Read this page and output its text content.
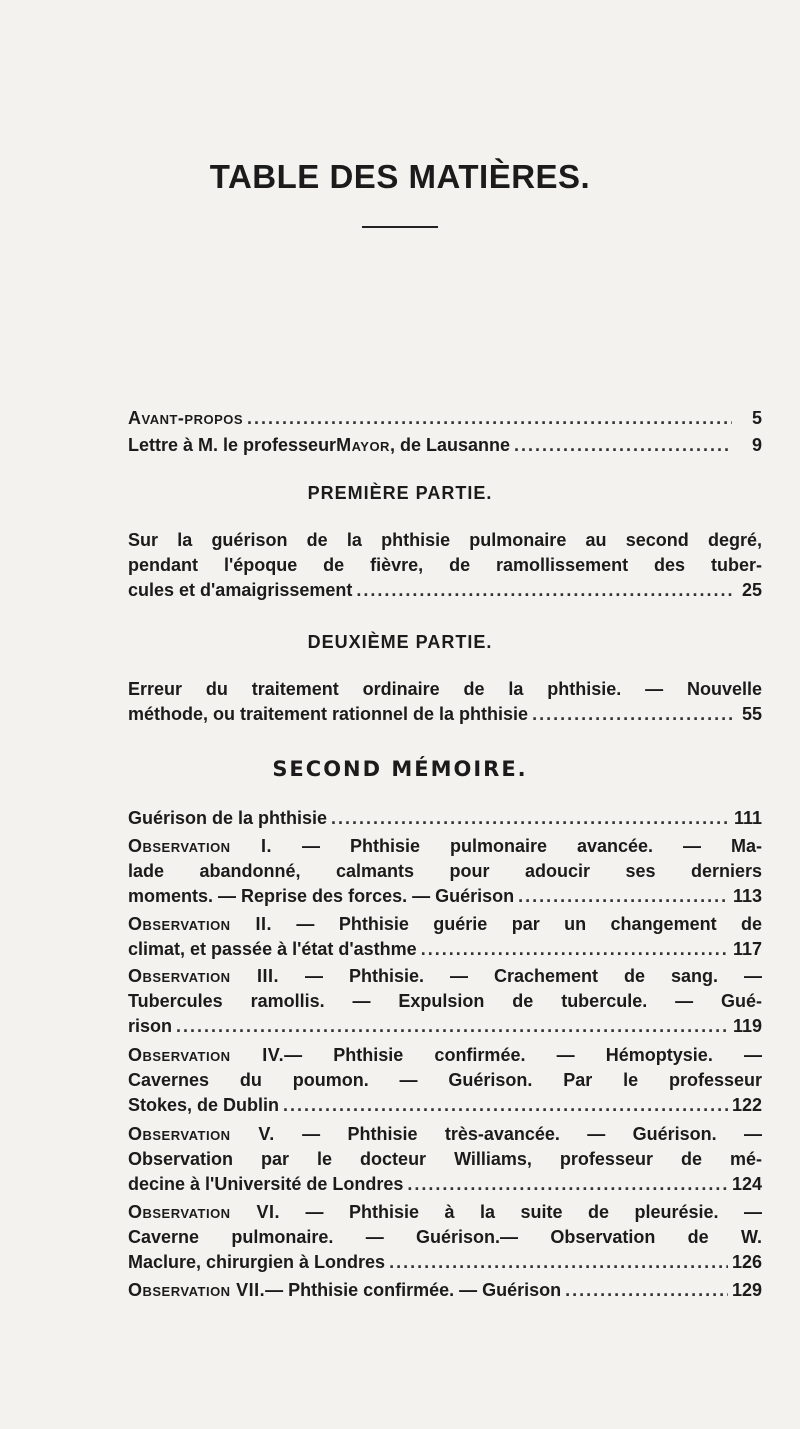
TABLE DES MATIÈRES.
Avant-propos .....	5
Lettre à M. le professeur Mayor , de Lausanne .....	9
PREMIÈRE PARTIE.
Sur la guérison de la phthisie pulmonaire au second degré,
pendant l'époque de fièvre, de ramollissement des tuber-
cules et d'amaigrissement .....	25
DEUXIÈME PARTIE.
Erreur du traitement ordinaire de la phthisie. — Nouvelle
méthode, ou traitement rationnel de la phthisie .....	55
SECOND MÉMOIRE.
Guérison de la phthisie .....	111
Observation I. — Phthisie pulmonaire avancée. — Ma-
lade abandonné, calmants pour adoucir ses derniers
moments. — Reprise des forces. — Guérison .....	113
Observation II. — Phthisie guérie par un changement de
climat, et passée à l'état d'asthme .....	117
Observation III. — Phthisie. — Crachement de sang. —
Tubercules ramollis. — Expulsion de tubercule. — Gué-
rison .....	119
Observation IV.— Phthisie confirmée. — Hémoptysie. —
Cavernes du poumon. — Guérison. Par le professeur
Stokes, de Dublin .....	122
Observation V. — Phthisie très-avancée. — Guérison. —
Observation par le docteur Williams, professeur de mé-
decine à l'Université de Londres .....	124
Observation VI. — Phthisie à la suite de pleurésie. —
Caverne pulmonaire. — Guérison.— Observation de W.
Maclure, chirurgien à Londres .....	126
Observation VII. — Phthisie confirmée. — Guérison .....	129
